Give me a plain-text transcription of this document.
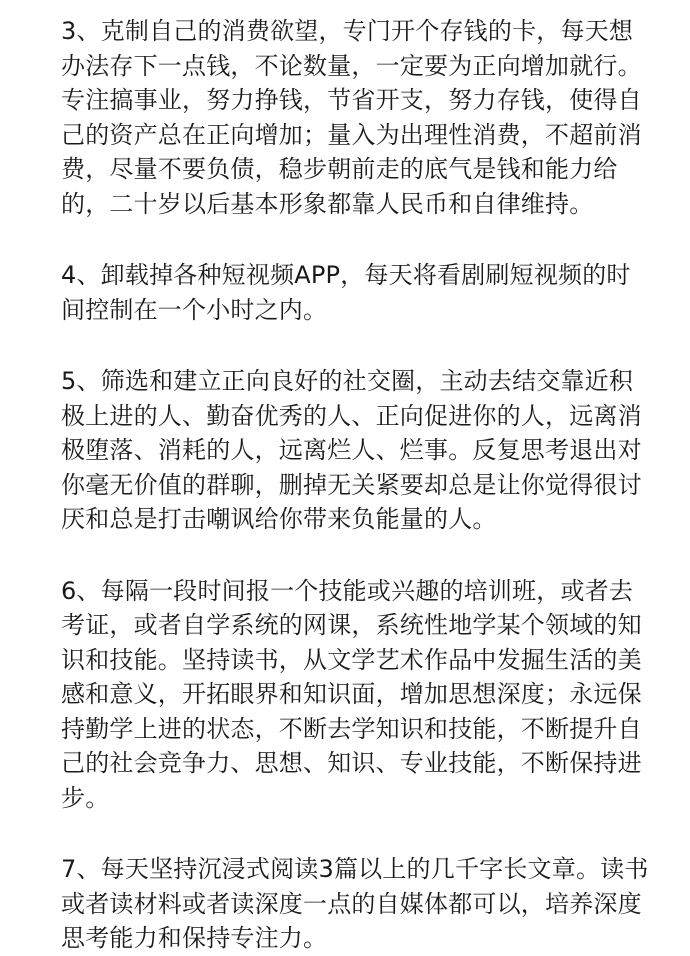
3、克制自己的消费欲望，专门开个存钱的卡，每天想
办法存下一点钱，不论数量，一定要为正向增加就行。
专注搞事业，努力挣钱，节省开支，努力存钱，使得自
己的资产总在正向增加；量入为出理性消费，不超前消
费，尽量不要负债，稳步朝前走的底气是钱和能力给
的，二十岁以后基本形象都靠人民币和自律维持。
4、卸载掉各种短视频APP，每天将看剧刷短视频的时
间控制在一个小时之内。
5、筛选和建立正向良好的社交圈，主动去结交靠近积
极上进的人、勤奋优秀的人、正向促进你的人，远离消
极堕落、消耗的人，远离烂人、烂事。反复思考退出对
你毫无价值的群聊，删掉无关紧要却总是让你觉得很讨
厌和总是打击嘲讽给你带来负能量的人。
6、每隔一段时间报一个技能或兴趣的培训班，或者去
考证，或者自学系统的网课，系统性地学某个领域的知
识和技能。坚持读书，从文学艺术作品中发掘生活的美
感和意义，开拓眼界和知识面，增加思想深度；永远保
持勤学上进的状态，不断去学知识和技能，不断提升自
己的社会竞争力、思想、知识、专业技能，不断保持进
步。
7、每天坚持沉浸式阅读3篇以上的几千字长文章。读书
或者读材料或者读深度一点的自媒体都可以，培养深度
思考能力和保持专注力。
